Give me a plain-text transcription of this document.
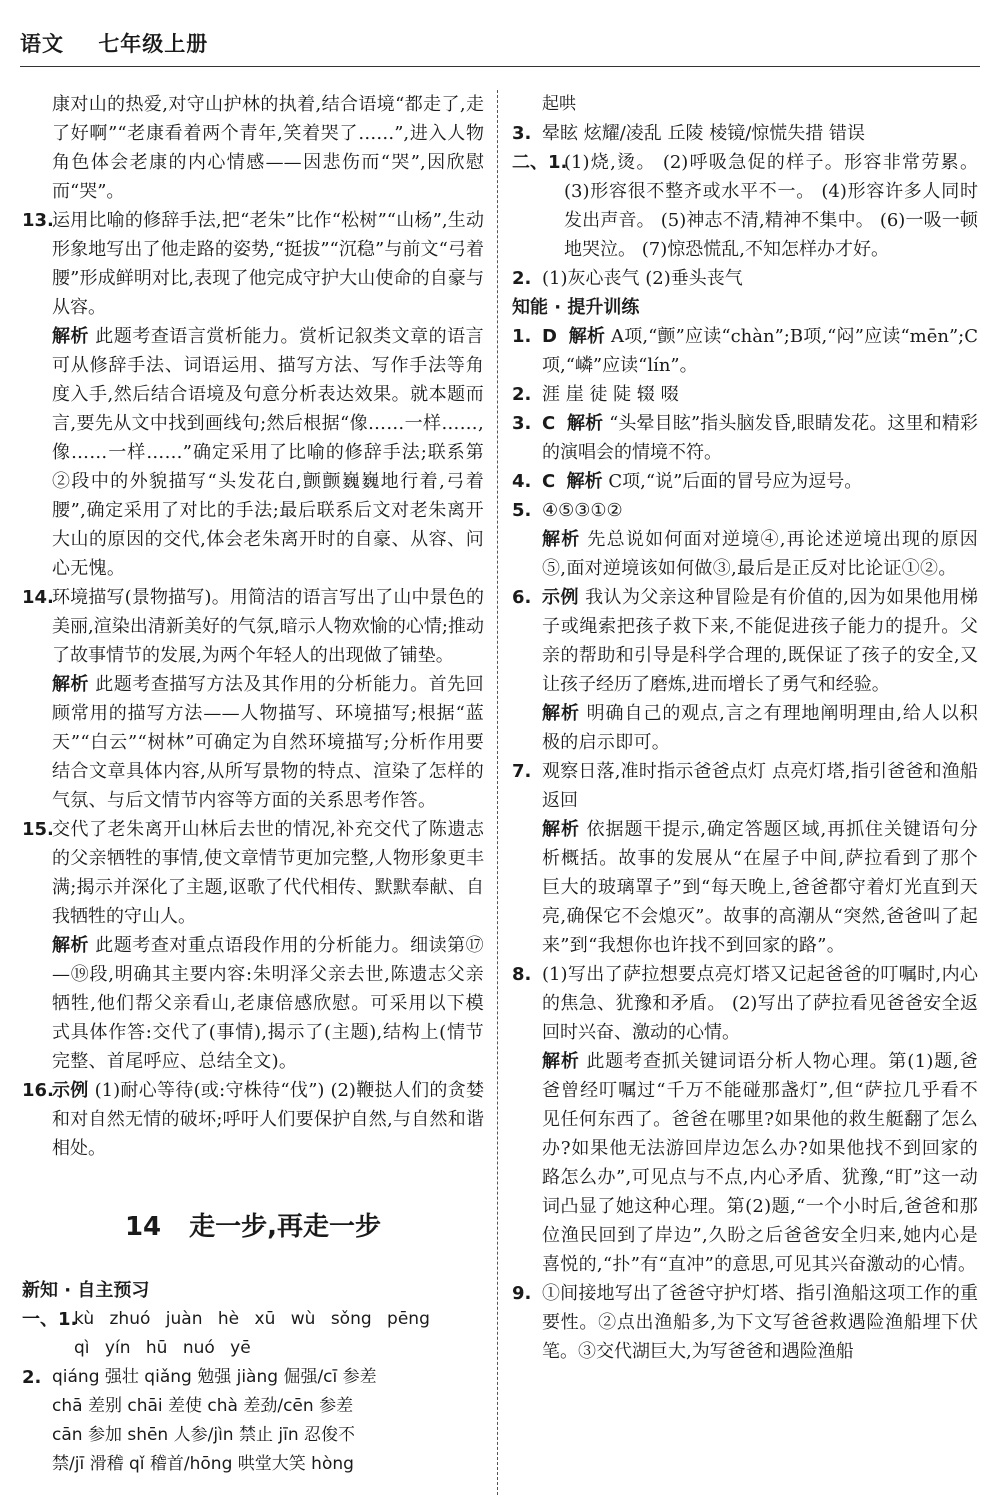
语文 七年级上册
康对山的热爱,对守山护林的执着,结合语境“都走了,走了好啊”“老康看着两个青年,笑着哭了……”,进入人物角色体会老康的内心情感——因悲伤而“哭”,因欣慰而“哭”。
13.
运用比喻的修辞手法,把“老朱”比作“松树”“山杨”,生动形象地写出了他走路的姿势,“挺拔”“沉稳”与前文“弓着腰”形成鲜明对比,表现了他完成守护大山使命的自豪与从容。
解析 此题考查语言赏析能力。赏析记叙类文章的语言可从修辞手法、词语运用、描写方法、写作手法等角度入手,然后结合语境及句意分析表达效果。就本题而言,要先从文中找到画线句;然后根据“像……一样……,像……一样……”确定采用了比喻的修辞手法;联系第②段中的外貌描写“头发花白,颤颤巍巍地行着,弓着腰”,确定采用了对比的手法;最后联系后文对老朱离开大山的原因的交代,体会老朱离开时的自豪、从容、问心无愧。
14.
环境描写(景物描写)。用简洁的语言写出了山中景色的美丽,渲染出清新美好的气氛,暗示人物欢愉的心情;推动了故事情节的发展,为两个年轻人的出现做了铺垫。
解析 此题考查描写方法及其作用的分析能力。首先回顾常用的描写方法——人物描写、环境描写;根据“蓝天”“白云”“树林”可确定为自然环境描写;分析作用要结合文章具体内容,从所写景物的特点、渲染了怎样的气氛、与后文情节内容等方面的关系思考作答。
15.
交代了老朱离开山林后去世的情况,补充交代了陈遗志的父亲牺牲的事情,使文章情节更加完整,人物形象更丰满;揭示并深化了主题,讴歌了代代相传、默默奉献、自我牺牲的守山人。
解析 此题考查对重点语段作用的分析能力。细读第⑰—⑲段,明确其主要内容:朱明泽父亲去世,陈遗志父亲牺牲,他们帮父亲看山,老康倍感欣慰。可采用以下模式具体作答:交代了(事情),揭示了(主题),结构上(情节完整、首尾呼应、总结全文)。
16.
示例 (1)耐心等待(或:守株待“伐”) (2)鞭挞人们的贪婪和对自然无情的破坏;呼吁人们要保护自然,与自然和谐相处。
14 走一步,再走一步
新知 · 自主预习
一、1.
kù zhuó juàn hè xū wù sǒng pēng
qì yín hū nuó yē
2. qiáng 强壮 qiǎng 勉强 jiàng 倔强/cī 参差
chā 差别 chāi 差使 chà 差劲/cēn 参差
cān 参加 shēn 人参/jìn 禁止 jīn 忍俊不
禁/jī 滑稽 qǐ 稽首/hōng 哄堂大笑 hòng
起哄
3. 晕眩 炫耀/凌乱 丘陵 棱镜/惊慌失措 错误
二、1.
(1)烧,烫。 (2)呼吸急促的样子。形容非常劳累。 (3)形容很不整齐或水平不一。 (4)形容许多人同时发出声音。 (5)神志不清,精神不集中。 (6)一吸一顿地哭泣。 (7)惊恐慌乱,不知怎样办才好。
2. (1)灰心丧气 (2)垂头丧气
知能 · 提升训练
1. D 解析 A项,“颤”应读“chàn”;B项,“闷”应读“mēn”;C项,“嶙”应读“lín”。
2. 涯 崖 徒 陡 辍 啜
3. C 解析 “头晕目眩”指头脑发昏,眼睛发花。这里和精彩的演唱会的情境不符。
4. C 解析 C项,“说”后面的冒号应为逗号。
5. ④⑤③①②
解析 先总说如何面对逆境④,再论述逆境出现的原因⑤,面对逆境该如何做③,最后是正反对比论证①②。
6. 示例 我认为父亲这种冒险是有价值的,因为如果他用梯子或绳索把孩子救下来,不能促进孩子能力的提升。父亲的帮助和引导是科学合理的,既保证了孩子的安全,又让孩子经历了磨炼,进而增长了勇气和经验。
解析 明确自己的观点,言之有理地阐明理由,给人以积极的启示即可。
7. 观察日落,准时指示爸爸点灯 点亮灯塔,指引爸爸和渔船返回
解析 依据题干提示,确定答题区域,再抓住关键语句分析概括。故事的发展从“在屋子中间,萨拉看到了那个巨大的玻璃罩子”到“每天晚上,爸爸都守着灯光直到天亮,确保它不会熄灭”。故事的高潮从“突然,爸爸叫了起来”到“我想你也许找不到回家的路”。
8. (1)写出了萨拉想要点亮灯塔又记起爸爸的叮嘱时,内心的焦急、犹豫和矛盾。 (2)写出了萨拉看见爸爸安全返回时兴奋、激动的心情。
解析 此题考查抓关键词语分析人物心理。第(1)题,爸爸曾经叮嘱过“千万不能碰那盏灯”,但“萨拉几乎看不见任何东西了。爸爸在哪里?如果他的救生艇翻了怎么办?如果他无法游回岸边怎么办?如果他找不到回家的路怎么办”,可见点与不点,内心矛盾、犹豫,“盯”这一动词凸显了她这种心理。第(2)题,“一个小时后,爸爸和那位渔民回到了岸边”,久盼之后爸爸安全归来,她内心是喜悦的,“扑”有“直冲”的意思,可见其兴奋激动的心情。
9. ①间接地写出了爸爸守护灯塔、指引渔船这项工作的重要性。②点出渔船多,为下文写爸爸救遇险渔船埋下伏笔。③交代湖巨大,为写爸爸和遇险渔船
